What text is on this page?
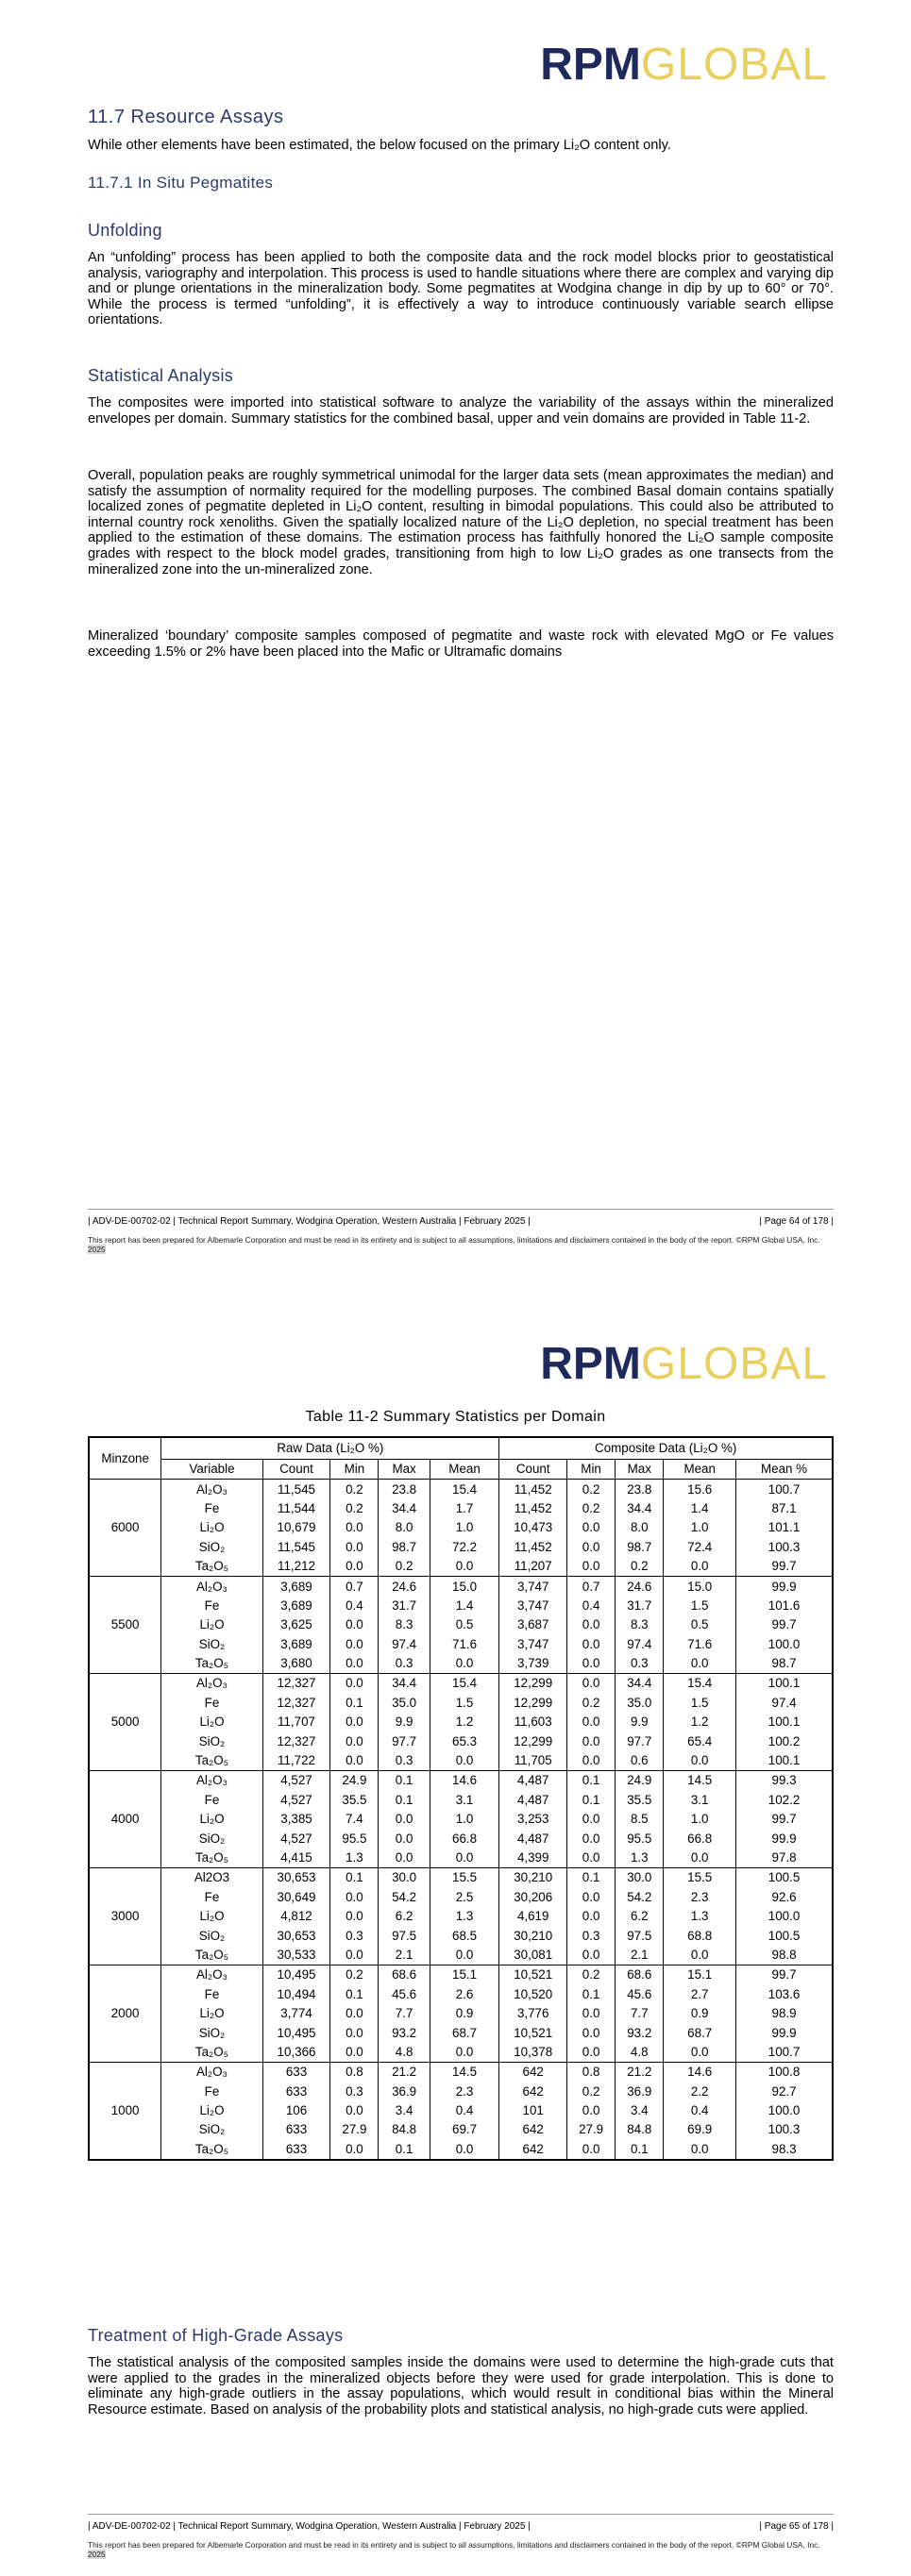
RPMGLOBAL
11.7 Resource Assays
While other elements have been estimated, the below focused on the primary Li₂O content only.
11.7.1 In Situ Pegmatites
Unfolding
An “unfolding” process has been applied to both the composite data and the rock model blocks prior to geostatistical analysis, variography and interpolation. This process is used to handle situations where there are complex and varying dip and or plunge orientations in the mineralization body. Some pegmatites at Wodgina change in dip by up to 60° or 70°. While the process is termed “unfolding”, it is effectively a way to introduce continuously variable search ellipse orientations.
Statistical Analysis
The composites were imported into statistical software to analyze the variability of the assays within the mineralized envelopes per domain. Summary statistics for the combined basal, upper and vein domains are provided in Table 11-2.
Overall, population peaks are roughly symmetrical unimodal for the larger data sets (mean approximates the median) and satisfy the assumption of normality required for the modelling purposes. The combined Basal domain contains spatially localized zones of pegmatite depleted in Li₂O content, resulting in bimodal populations. This could also be attributed to internal country rock xenoliths. Given the spatially localized nature of the Li₂O depletion, no special treatment has been applied to the estimation of these domains. The estimation process has faithfully honored the Li₂O sample composite grades with respect to the block model grades, transitioning from high to low Li₂O grades as one transects from the mineralized zone into the un-mineralized zone.
Mineralized ‘boundary’ composite samples composed of pegmatite and waste rock with elevated MgO or Fe values exceeding 1.5% or 2% have been placed into the Mafic or Ultramafic domains
| ADV-DE-00702-02 | Technical Report Summary, Wodgina Operation, Western Australia | February 2025 |	| Page 64 of 178 |
This report has been prepared for Albemarle Corporation and must be read in its entirety and is subject to all assumptions, limitations and disclaimers contained in the body of the report. ©RPM Global USA, Inc. 2025
RPMGLOBAL
Table 11-2 Summary Statistics per Domain
Minzone	Raw Data (Li₂O %)					Composite Data (Li₂O %)				
	Variable	Count	Min	Max	Mean	Count	Min	Max	Mean	Mean %
6000	Al₂O₃	11,545	0.2	23.8	15.4	11,452	0.2	23.8	15.6	100.7
	Fe	11,544	0.2	34.4	1.7	11,452	0.2	34.4	1.4	87.1
	Li₂O	10,679	0.0	8.0	1.0	10,473	0.0	8.0	1.0	101.1
	SiO₂	11,545	0.0	98.7	72.2	11,452	0.0	98.7	72.4	100.3
	Ta₂O₅	11,212	0.0	0.2	0.0	11,207	0.0	0.2	0.0	99.7
5500	Al₂O₃	3,689	0.7	24.6	15.0	3,747	0.7	24.6	15.0	99.9
	Fe	3,689	0.4	31.7	1.4	3,747	0.4	31.7	1.5	101.6
	Li₂O	3,625	0.0	8.3	0.5	3,687	0.0	8.3	0.5	99.7
	SiO₂	3,689	0.0	97.4	71.6	3,747	0.0	97.4	71.6	100.0
	Ta₂O₅	3,680	0.0	0.3	0.0	3,739	0.0	0.3	0.0	98.7
5000	Al₂O₃	12,327	0.0	34.4	15.4	12,299	0.0	34.4	15.4	100.1
	Fe	12,327	0.1	35.0	1.5	12,299	0.2	35.0	1.5	97.4
	Li₂O	11,707	0.0	9.9	1.2	11,603	0.0	9.9	1.2	100.1
	SiO₂	12,327	0.0	97.7	65.3	12,299	0.0	97.7	65.4	100.2
	Ta₂O₅	11,722	0.0	0.3	0.0	11,705	0.0	0.6	0.0	100.1
4000	Al₂O₃	4,527	24.9	0.1	14.6	4,487	0.1	24.9	14.5	99.3
	Fe	4,527	35.5	0.1	3.1	4,487	0.1	35.5	3.1	102.2
	Li₂O	3,385	7.4	0.0	1.0	3,253	0.0	8.5	1.0	99.7
	SiO₂	4,527	95.5	0.0	66.8	4,487	0.0	95.5	66.8	99.9
	Ta₂O₅	4,415	1.3	0.0	0.0	4,399	0.0	1.3	0.0	97.8
3000	Al2O3	30,653	0.1	30.0	15.5	30,210	0.1	30.0	15.5	100.5
	Fe	30,649	0.0	54.2	2.5	30,206	0.0	54.2	2.3	92.6
	Li₂O	4,812	0.0	6.2	1.3	4,619	0.0	6.2	1.3	100.0
	SiO₂	30,653	0.3	97.5	68.5	30,210	0.3	97.5	68.8	100.5
	Ta₂O₅	30,533	0.0	2.1	0.0	30,081	0.0	2.1	0.0	98.8
2000	Al₂O₃	10,495	0.2	68.6	15.1	10,521	0.2	68.6	15.1	99.7
	Fe	10,494	0.1	45.6	2.6	10,520	0.1	45.6	2.7	103.6
	Li₂O	3,774	0.0	7.7	0.9	3,776	0.0	7.7	0.9	98.9
	SiO₂	10,495	0.0	93.2	68.7	10,521	0.0	93.2	68.7	99.9
	Ta₂O₅	10,366	0.0	4.8	0.0	10,378	0.0	4.8	0.0	100.7
1000	Al₂O₃	633	0.8	21.2	14.5	642	0.8	21.2	14.6	100.8
	Fe	633	0.3	36.9	2.3	642	0.2	36.9	2.2	92.7
	Li₂O	106	0.0	3.4	0.4	101	0.0	3.4	0.4	100.0
	SiO₂	633	27.9	84.8	69.7	642	27.9	84.8	69.9	100.3
	Ta₂O₅	633	0.0	0.1	0.0	642	0.0	0.1	0.0	98.3
Treatment of High-Grade Assays
The statistical analysis of the composited samples inside the domains were used to determine the high-grade cuts that were applied to the grades in the mineralized objects before they were used for grade interpolation. This is done to eliminate any high-grade outliers in the assay populations, which would result in conditional bias within the Mineral Resource estimate. Based on analysis of the probability plots and statistical analysis, no high-grade cuts were applied.
| ADV-DE-00702-02 | Technical Report Summary, Wodgina Operation, Western Australia | February 2025 |	| Page 65 of 178 |
This report has been prepared for Albemarle Corporation and must be read in its entirety and is subject to all assumptions, limitations and disclaimers contained in the body of the report. ©RPM Global USA, Inc. 2025
